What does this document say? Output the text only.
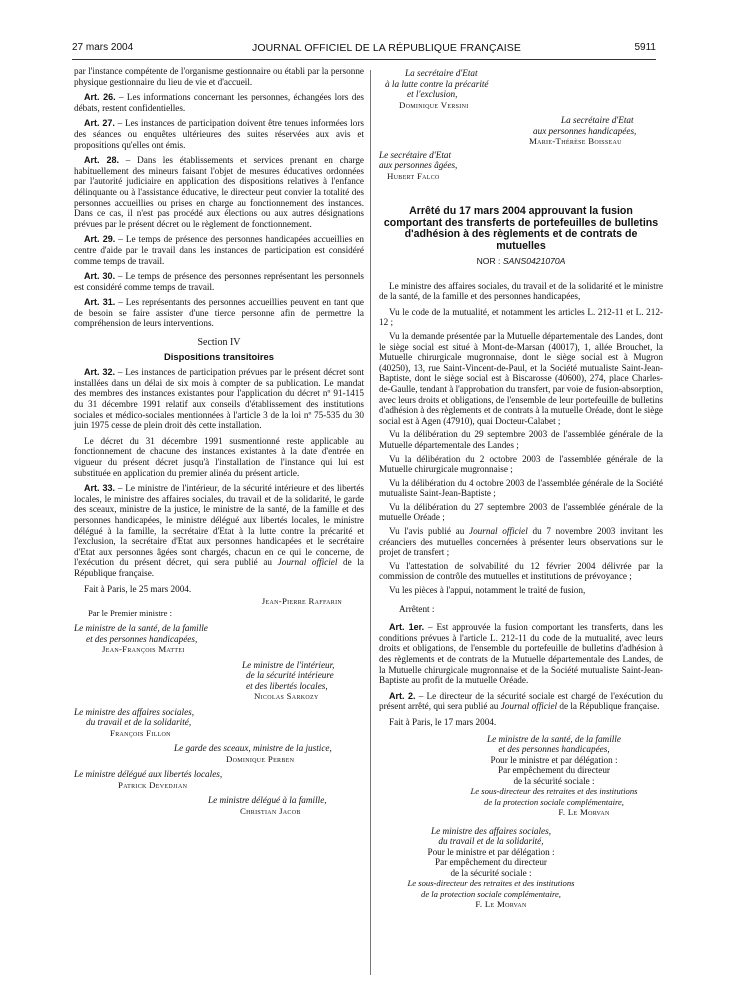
27 mars 2004	JOURNAL OFFICIEL DE LA RÉPUBLIQUE FRANÇAISE	5911

par l'instance compétente de l'organisme gestionnaire ou établi par la personne physique gestionnaire du lieu de vie et d'accueil.

Art. 26. – Les informations concernant les personnes, échangées lors des débats, restent confidentielles.

Art. 27. – Les instances de participation doivent être tenues informées lors des séances ou enquêtes ultérieures des suites réservées aux avis et propositions qu'elles ont émis.

Art. 28. – Dans les établissements et services prenant en charge habituellement des mineurs faisant l'objet de mesures éducatives ordonnées par l'autorité judiciaire en application des dispositions relatives à l'enfance délinquante ou à l'assistance éducative, le directeur peut convier la totalité des personnes accueillies ou prises en charge au fonctionnement des instances. Dans ce cas, il n'est pas procédé aux élections ou aux autres désignations prévues par le présent décret ou le règlement de fonctionnement.

Art. 29. – Le temps de présence des personnes handicapées accueillies en centre d'aide par le travail dans les instances de participation est considéré comme temps de travail.

Art. 30. – Le temps de présence des personnes représentant les personnels est considéré comme temps de travail.

Art. 31. – Les représentants des personnes accueillies peuvent en tant que de besoin se faire assister d'une tierce personne afin de permettre la compréhension de leurs interventions.

Section IV
Dispositions transitoires

Art. 32. – Les instances de participation prévues par le présent décret sont installées dans un délai de six mois à compter de sa publication. Le mandat des membres des instances existantes pour l'application du décret nº 91-1415 du 31 décembre 1991 relatif aux conseils d'établissement des institutions sociales et médico-sociales mentionnées à l'article 3 de la loi nº 75-535 du 30 juin 1975 cesse de plein droit dès cette installation.

Le décret du 31 décembre 1991 susmentionné reste applicable au fonctionnement de chacune des instances existantes à la date d'entrée en vigueur du présent décret jusqu'à l'installation de l'instance qui lui est substituée en application du premier alinéa du présent article.

Art. 33. – Le ministre de l'intérieur, de la sécurité intérieure et des libertés locales, le ministre des affaires sociales, du travail et de la solidarité, le garde des sceaux, ministre de la justice, le ministre de la santé, de la famille et des personnes handicapées, le ministre délégué aux libertés locales, le ministre délégué à la famille, la secrétaire d'Etat à la lutte contre la précarité et l'exclusion, la secrétaire d'Etat aux personnes handicapées et le secrétaire d'Etat aux personnes âgées sont chargés, chacun en ce qui le concerne, de l'exécution du présent décret, qui sera publié au Journal officiel de la République française.

Fait à Paris, le 25 mars 2004.

Jean-Pierre Raffarin
Par le Premier ministre :
Le ministre de la santé, de la famille
et des personnes handicapées,
Jean-François Mattei
Le ministre de l'intérieur,
de la sécurité intérieure
et des libertés locales,
Nicolas Sarkozy
Le ministre des affaires sociales,
du travail et de la solidarité,
François Fillon
Le garde des sceaux, ministre de la justice,
Dominique Perben
Le ministre délégué aux libertés locales,
Patrick Devedjian
Le ministre délégué à la famille,
Christian Jacob
La secrétaire d'Etat
à la lutte contre la précarité
et l'exclusion,
Dominique Versini
La secrétaire d'Etat
aux personnes handicapées,
Marie-Thérèse Boisseau
Le secrétaire d'Etat
aux personnes âgées,
Hubert Falco
Arrêté du 17 mars 2004 approuvant la fusion comportant des transferts de portefeuilles de bulletins d'adhésion à des règlements et de contrats de mutuelles
NOR : SANS0421070A

Le ministre des affaires sociales, du travail et de la solidarité et le ministre de la santé, de la famille et des personnes handicapées,

Vu le code de la mutualité, et notamment les articles L. 212-11 et L. 212-12 ;

Vu la demande présentée par la Mutuelle départementale des Landes, dont le siège social est situé à Mont-de-Marsan (40017), 1, allée Brouchet, la Mutuelle chirurgicale mugronnaise, dont le siège social est à Mugron (40250), 13, rue Saint-Vincent-de-Paul, et la Société mutualiste Saint-Jean-Baptiste, dont le siège social est à Biscarosse (40600), 274, place Charles-de-Gaulle, tendant à l'approbation du transfert, par voie de fusion-absorption, avec leurs droits et obligations, de l'ensemble de leur portefeuille de bulletins d'adhésion à des règlements et de contrats à la mutuelle Oréade, dont le siège social est à Agen (47910), quai Docteur-Calabet ;

Vu la délibération du 29 septembre 2003 de l'assemblée générale de la Mutuelle départementale des Landes ;

Vu la délibération du 2 octobre 2003 de l'assemblée générale de la Mutuelle chirurgicale mugronnaise ;

Vu la délibération du 4 octobre 2003 de l'assemblée générale de la Société mutualiste Saint-Jean-Baptiste ;

Vu la délibération du 27 septembre 2003 de l'assemblée générale de la mutuelle Oréade ;

Vu l'avis publié au Journal officiel du 7 novembre 2003 invitant les créanciers des mutuelles concernées à présenter leurs observations sur le projet de transfert ;

Vu l'attestation de solvabilité du 12 février 2004 délivrée par la commission de contrôle des mutuelles et institutions de prévoyance ;

Vu les pièces à l'appui, notamment le traité de fusion,

Arrêtent :

Art. 1er. – Est approuvée la fusion comportant les transferts, dans les conditions prévues à l'article L. 212-11 du code de la mutualité, avec leurs droits et obligations, de l'ensemble du portefeuille de bulletins d'adhésion à des règlements et de contrats de la Mutuelle départementale des Landes, de la Mutuelle chirurgicale mugronnaise et de la Société mutualiste Saint-Jean-Baptiste au profit de la mutuelle Oréade.

Art. 2. – Le directeur de la sécurité sociale est chargé de l'exécution du présent arrêté, qui sera publié au Journal officiel de la République française.

Fait à Paris, le 17 mars 2004.

Le ministre de la santé, de la famille
et des personnes handicapées,
Pour le ministre et par délégation :
Par empêchement du directeur
de la sécurité sociale :
Le sous-directeur des retraites et des institutions
de la protection sociale complémentaire,
F. Le Morvan
Le ministre des affaires sociales,
du travail et de la solidarité,
Pour le ministre et par délégation :
Par empêchement du directeur
de la sécurité sociale :
Le sous-directeur des retraites et des institutions
de la protection sociale complémentaire,
F. Le Morvan
